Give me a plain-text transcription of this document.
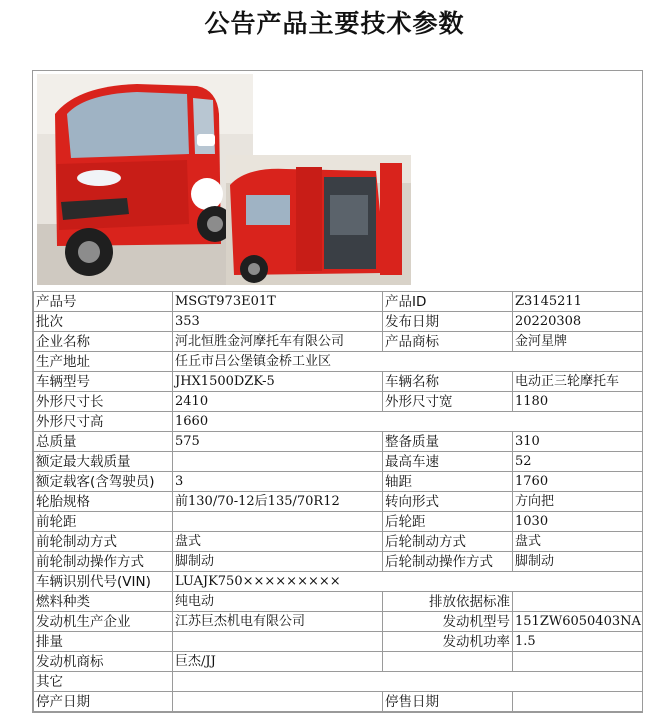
公告产品主要技术参数
产品号	MSGT973E01T	产品ID	Z3145211
批次	353	发布日期	20220308
企业名称	河北恒胜金河摩托车有限公司	产品商标	金河星牌
生产地址	任丘市吕公堡镇金桥工业区		
车辆型号	JHX1500DZK-5	车辆名称	电动正三轮摩托车
外形尺寸长	2410	外形尺寸宽	1180
外形尺寸高	1660		
总质量	575	整备质量	310
额定最大载质量		最高车速	52
额定载客(含驾驶员)	3	轴距	1760
轮胎规格	前130/70-12后135/70R12	转向形式	方向把
前轮距		后轮距	1030
前轮制动方式	盘式	后轮制动方式	盘式
前轮制动操作方式	脚制动	后轮制动操作方式	脚制动
车辆识别代号(VIN)	LUAJK750×××××××××		
燃料种类	纯电动	排放依据标准	
发动机生产企业	江苏巨杰机电有限公司	发动机型号	151ZW6050403NA
排量		发动机功率	1.5
发动机商标	巨杰/JJ		
其它			
停产日期		停售日期	
